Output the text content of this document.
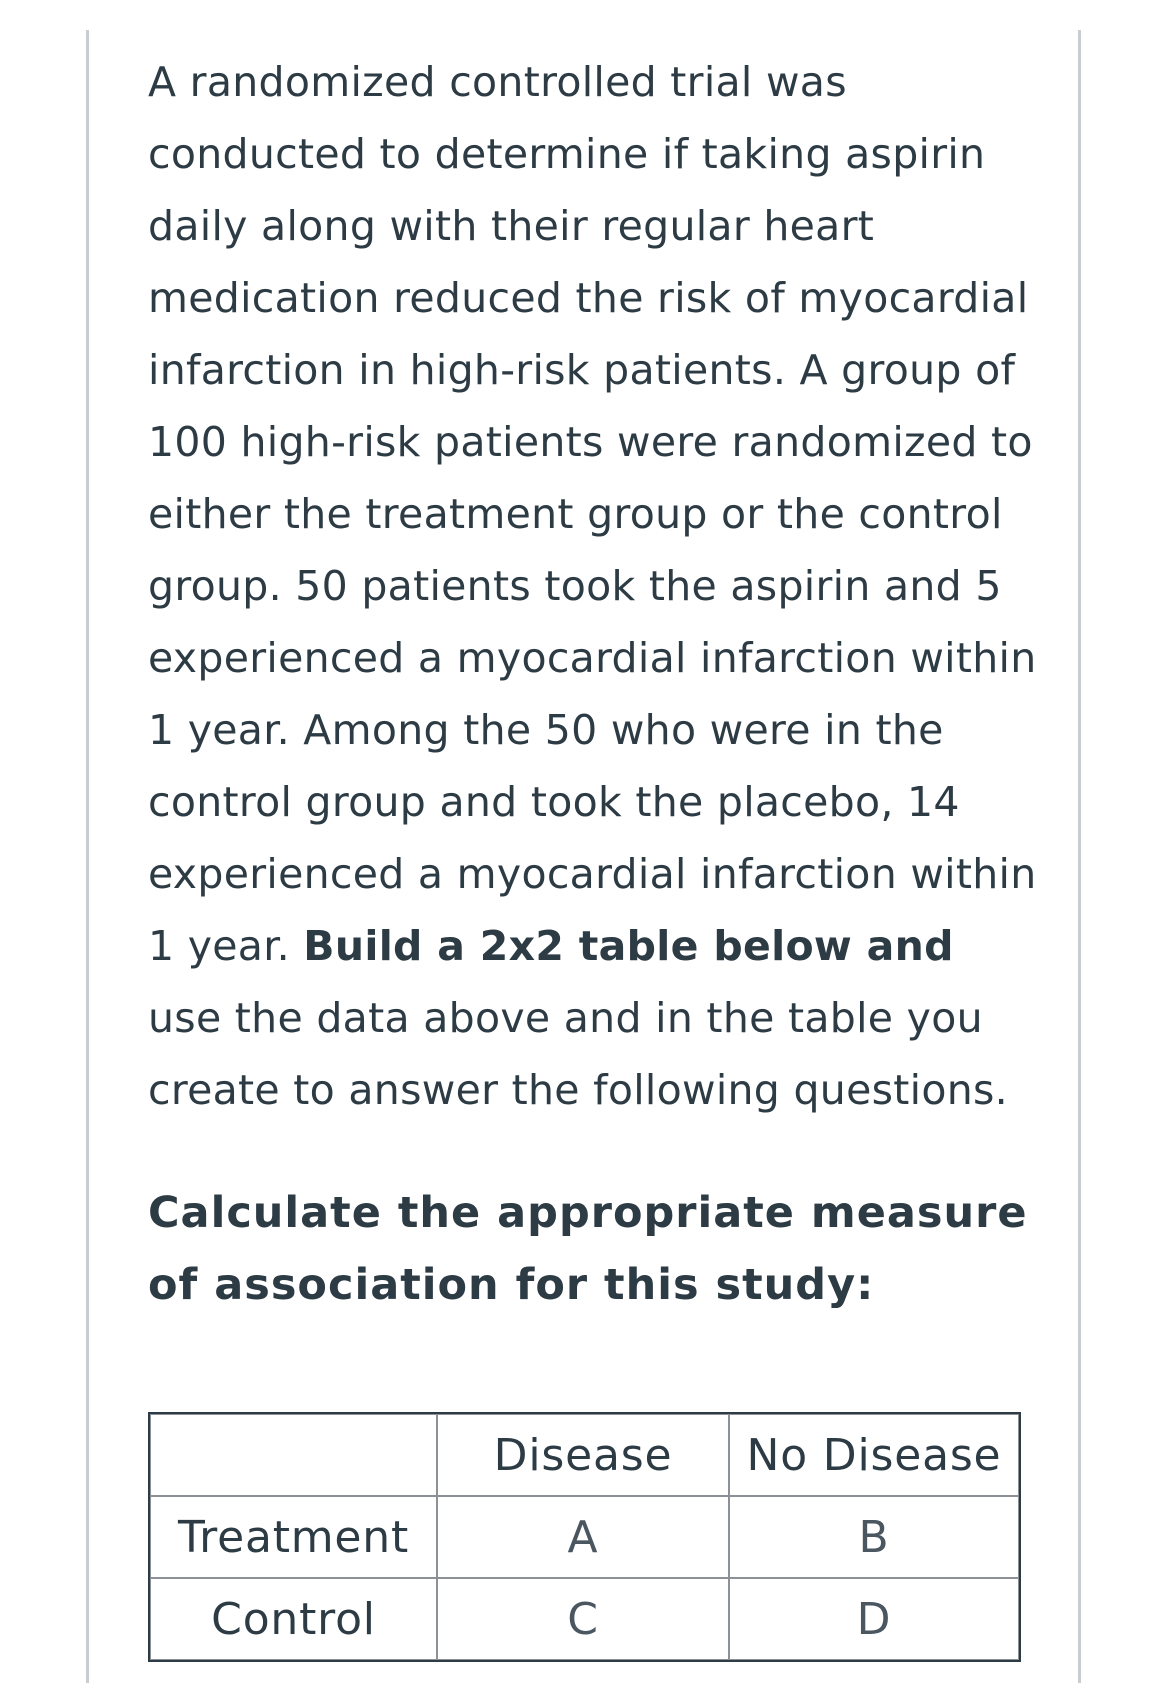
A randomized controlled trial was conducted to determine if taking aspirin daily along with their regular heart medication reduced the risk of myocardial infarction in high-risk patients. A group of 100 high-risk patients were randomized to either the treatment group or the control group. 50 patients took the aspirin and 5 experienced a myocardial infarction within 1 year. Among the 50 who were in the control group and took the placebo, 14 experienced a myocardial infarction within 1 year. Build a 2x2 table below and use the data above and in the table you create to answer the following questions.

Calculate the appropriate measure of association for this study:

	Disease	No Disease
Treatment	A	B
Control	C	D
